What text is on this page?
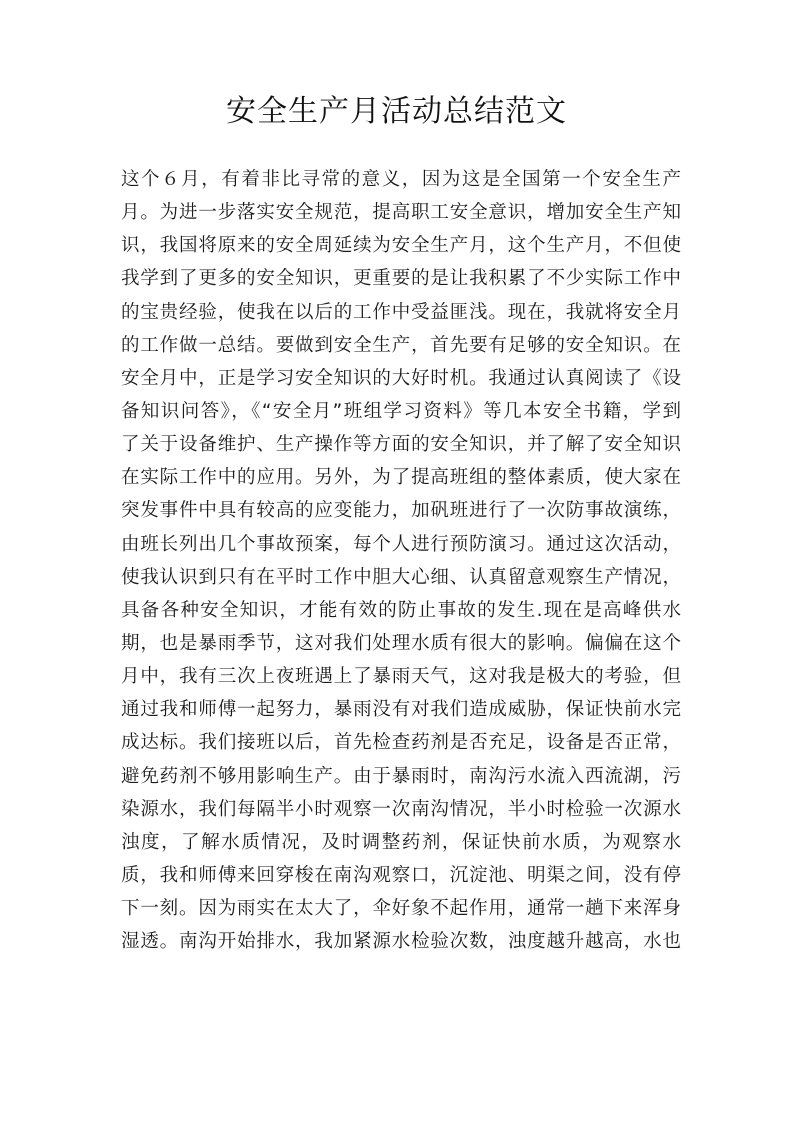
安全生产月活动总结范文
这个６月，有着非比寻常的意义，因为这是全国第一个安全生产
月。为进一步落实安全规范，提高职工安全意识，增加安全生产知
识，我国将原来的安全周延续为安全生产月，这个生产月，不但使
我学到了更多的安全知识，更重要的是让我积累了不少实际工作中
的宝贵经验，使我在以后的工作中受益匪浅。现在，我就将安全月
的工作做一总结。要做到安全生产，首先要有足够的安全知识。在
安全月中，正是学习安全知识的大好时机。我通过认真阅读了《设
备知识问答》，《“安全月”班组学习资料》等几本安全书籍，学到
了关于设备维护、生产操作等方面的安全知识，并了解了安全知识
在实际工作中的应用。另外，为了提高班组的整体素质，使大家在
突发事件中具有较高的应变能力，加矾班进行了一次防事故演练，
由班长列出几个事故预案，每个人进行预防演习。通过这次活动，
使我认识到只有在平时工作中胆大心细、认真留意观察生产情况，
具备各种安全知识，才能有效的防止事故的发生.现在是高峰供水
期，也是暴雨季节，这对我们处理水质有很大的影响。偏偏在这个
月中，我有三次上夜班遇上了暴雨天气，这对我是极大的考验，但
通过我和师傅一起努力，暴雨没有对我们造成威胁，保证快前水完
成达标。我们接班以后，首先检查药剂是否充足，设备是否正常，
避免药剂不够用影响生产。由于暴雨时，南沟污水流入西流湖，污
染源水，我们每隔半小时观察一次南沟情况，半小时检验一次源水
浊度，了解水质情况，及时调整药剂，保证快前水质，为观察水
质，我和师傅来回穿梭在南沟观察口，沉淀池、明渠之间，没有停
下一刻。因为雨实在太大了，伞好象不起作用，通常一趟下来浑身
湿透。南沟开始排水，我加紧源水检验次数，浊度越升越高，水也
